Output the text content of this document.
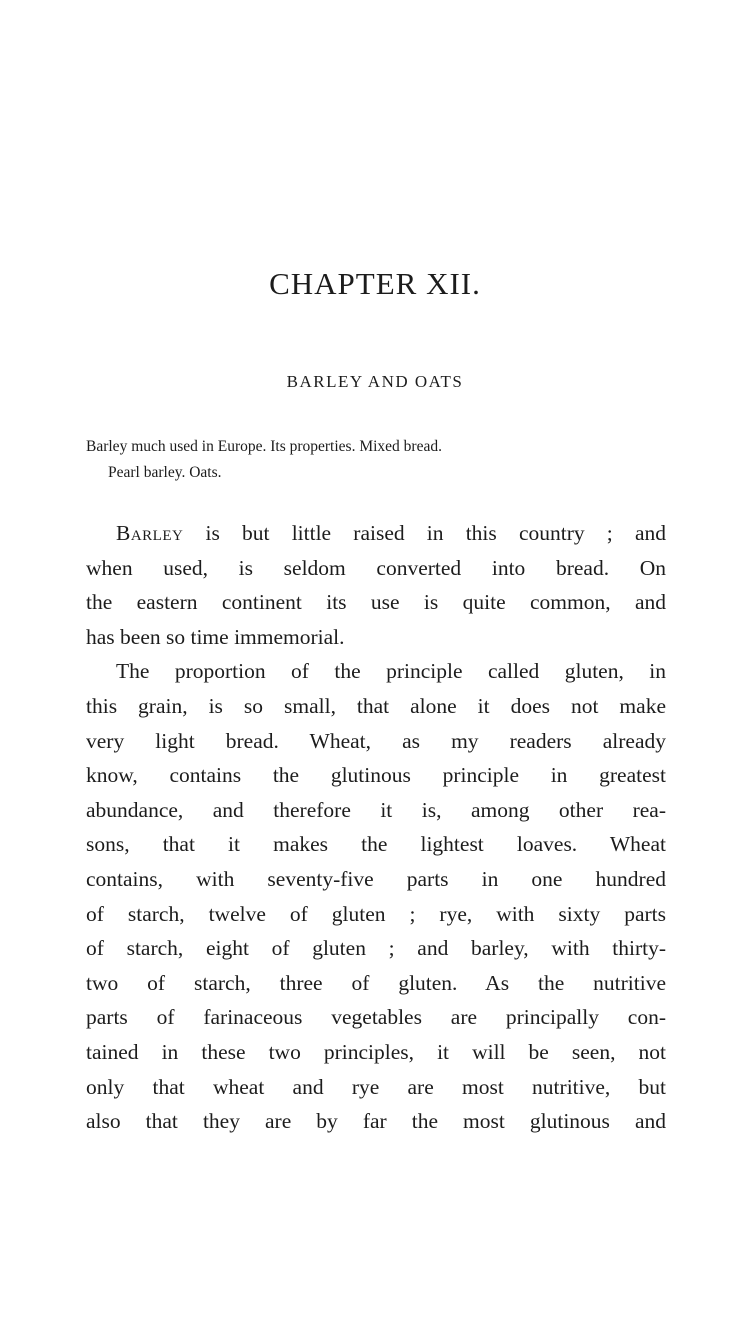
CHAPTER XII.
BARLEY AND OATS
Barley much used in Europe. Its properties. Mixed bread.
Pearl barley. Oats.
Barley is but little raised in this country ; and
when used, is seldom converted into bread. On
the eastern continent its use is quite common, and
has been so time immemorial.
The proportion of the principle called gluten, in
this grain, is so small, that alone it does not make
very light bread. Wheat, as my readers already
know, contains the glutinous principle in greatest
abundance, and therefore it is, among other rea-
sons, that it makes the lightest loaves. Wheat
contains, with seventy-five parts in one hundred
of starch, twelve of gluten ; rye, with sixty parts
of starch, eight of gluten ; and barley, with thirty-
two of starch, three of gluten. As the nutritive
parts of farinaceous vegetables are principally con-
tained in these two principles, it will be seen, not
only that wheat and rye are most nutritive, but
also that they are by far the most glutinous and
